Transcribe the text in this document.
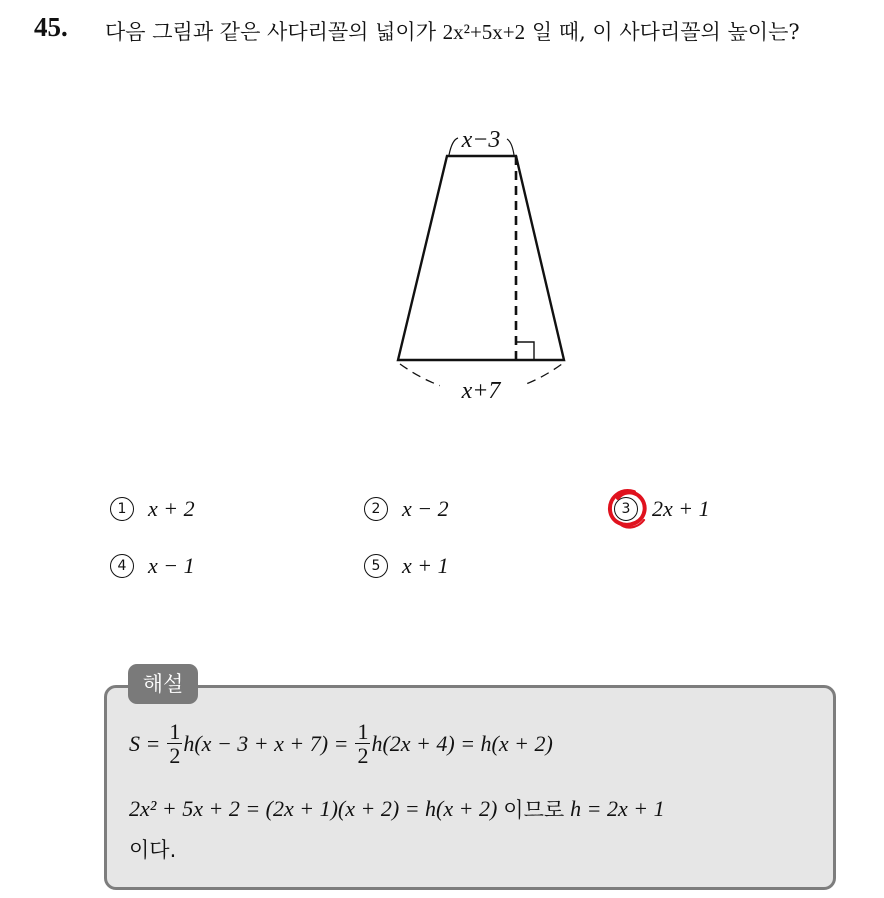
45. 다음 그림과 같은 사다리꼴의 넓이가 2x²+5x+2 일 때, 이 사다리꼴의 높이는?
x−3
x+7
1 x + 2	2 x − 2	3 2x + 1
4 x − 1	5 x + 1
해설
$S = \frac{1}{2} h(x - 3 + x + 7) = \frac{1}{2} h(2x + 4) = h(x + 2)$
2x² + 5x + 2 = (2x + 1)(x + 2) = h(x + 2) 이므로 h = 2x + 1
이다.
